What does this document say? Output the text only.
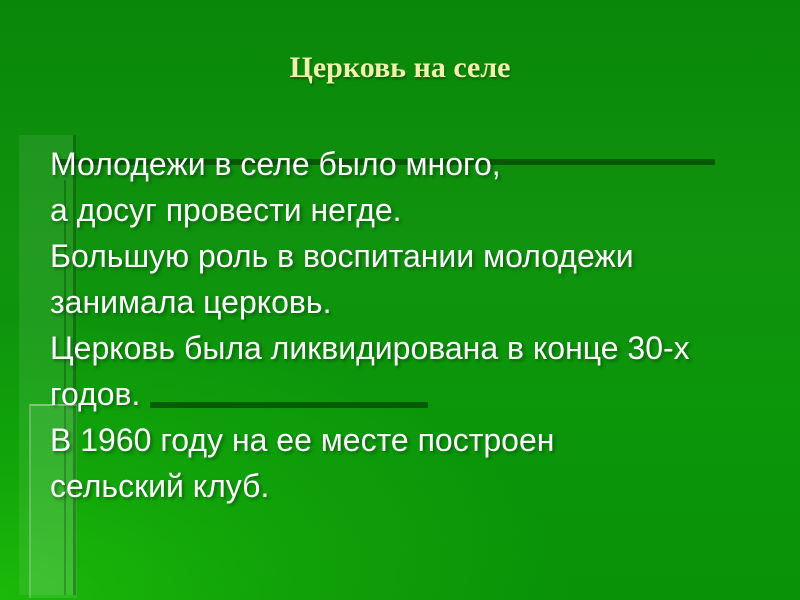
Церковь на селе
Молодежи в селе было много,
а досуг провести негде.
Большую роль в воспитании молодежи
занимала церковь.
Церковь была ликвидирована в конце 30-х
годов.
В 1960 году на ее месте построен
сельский клуб.
